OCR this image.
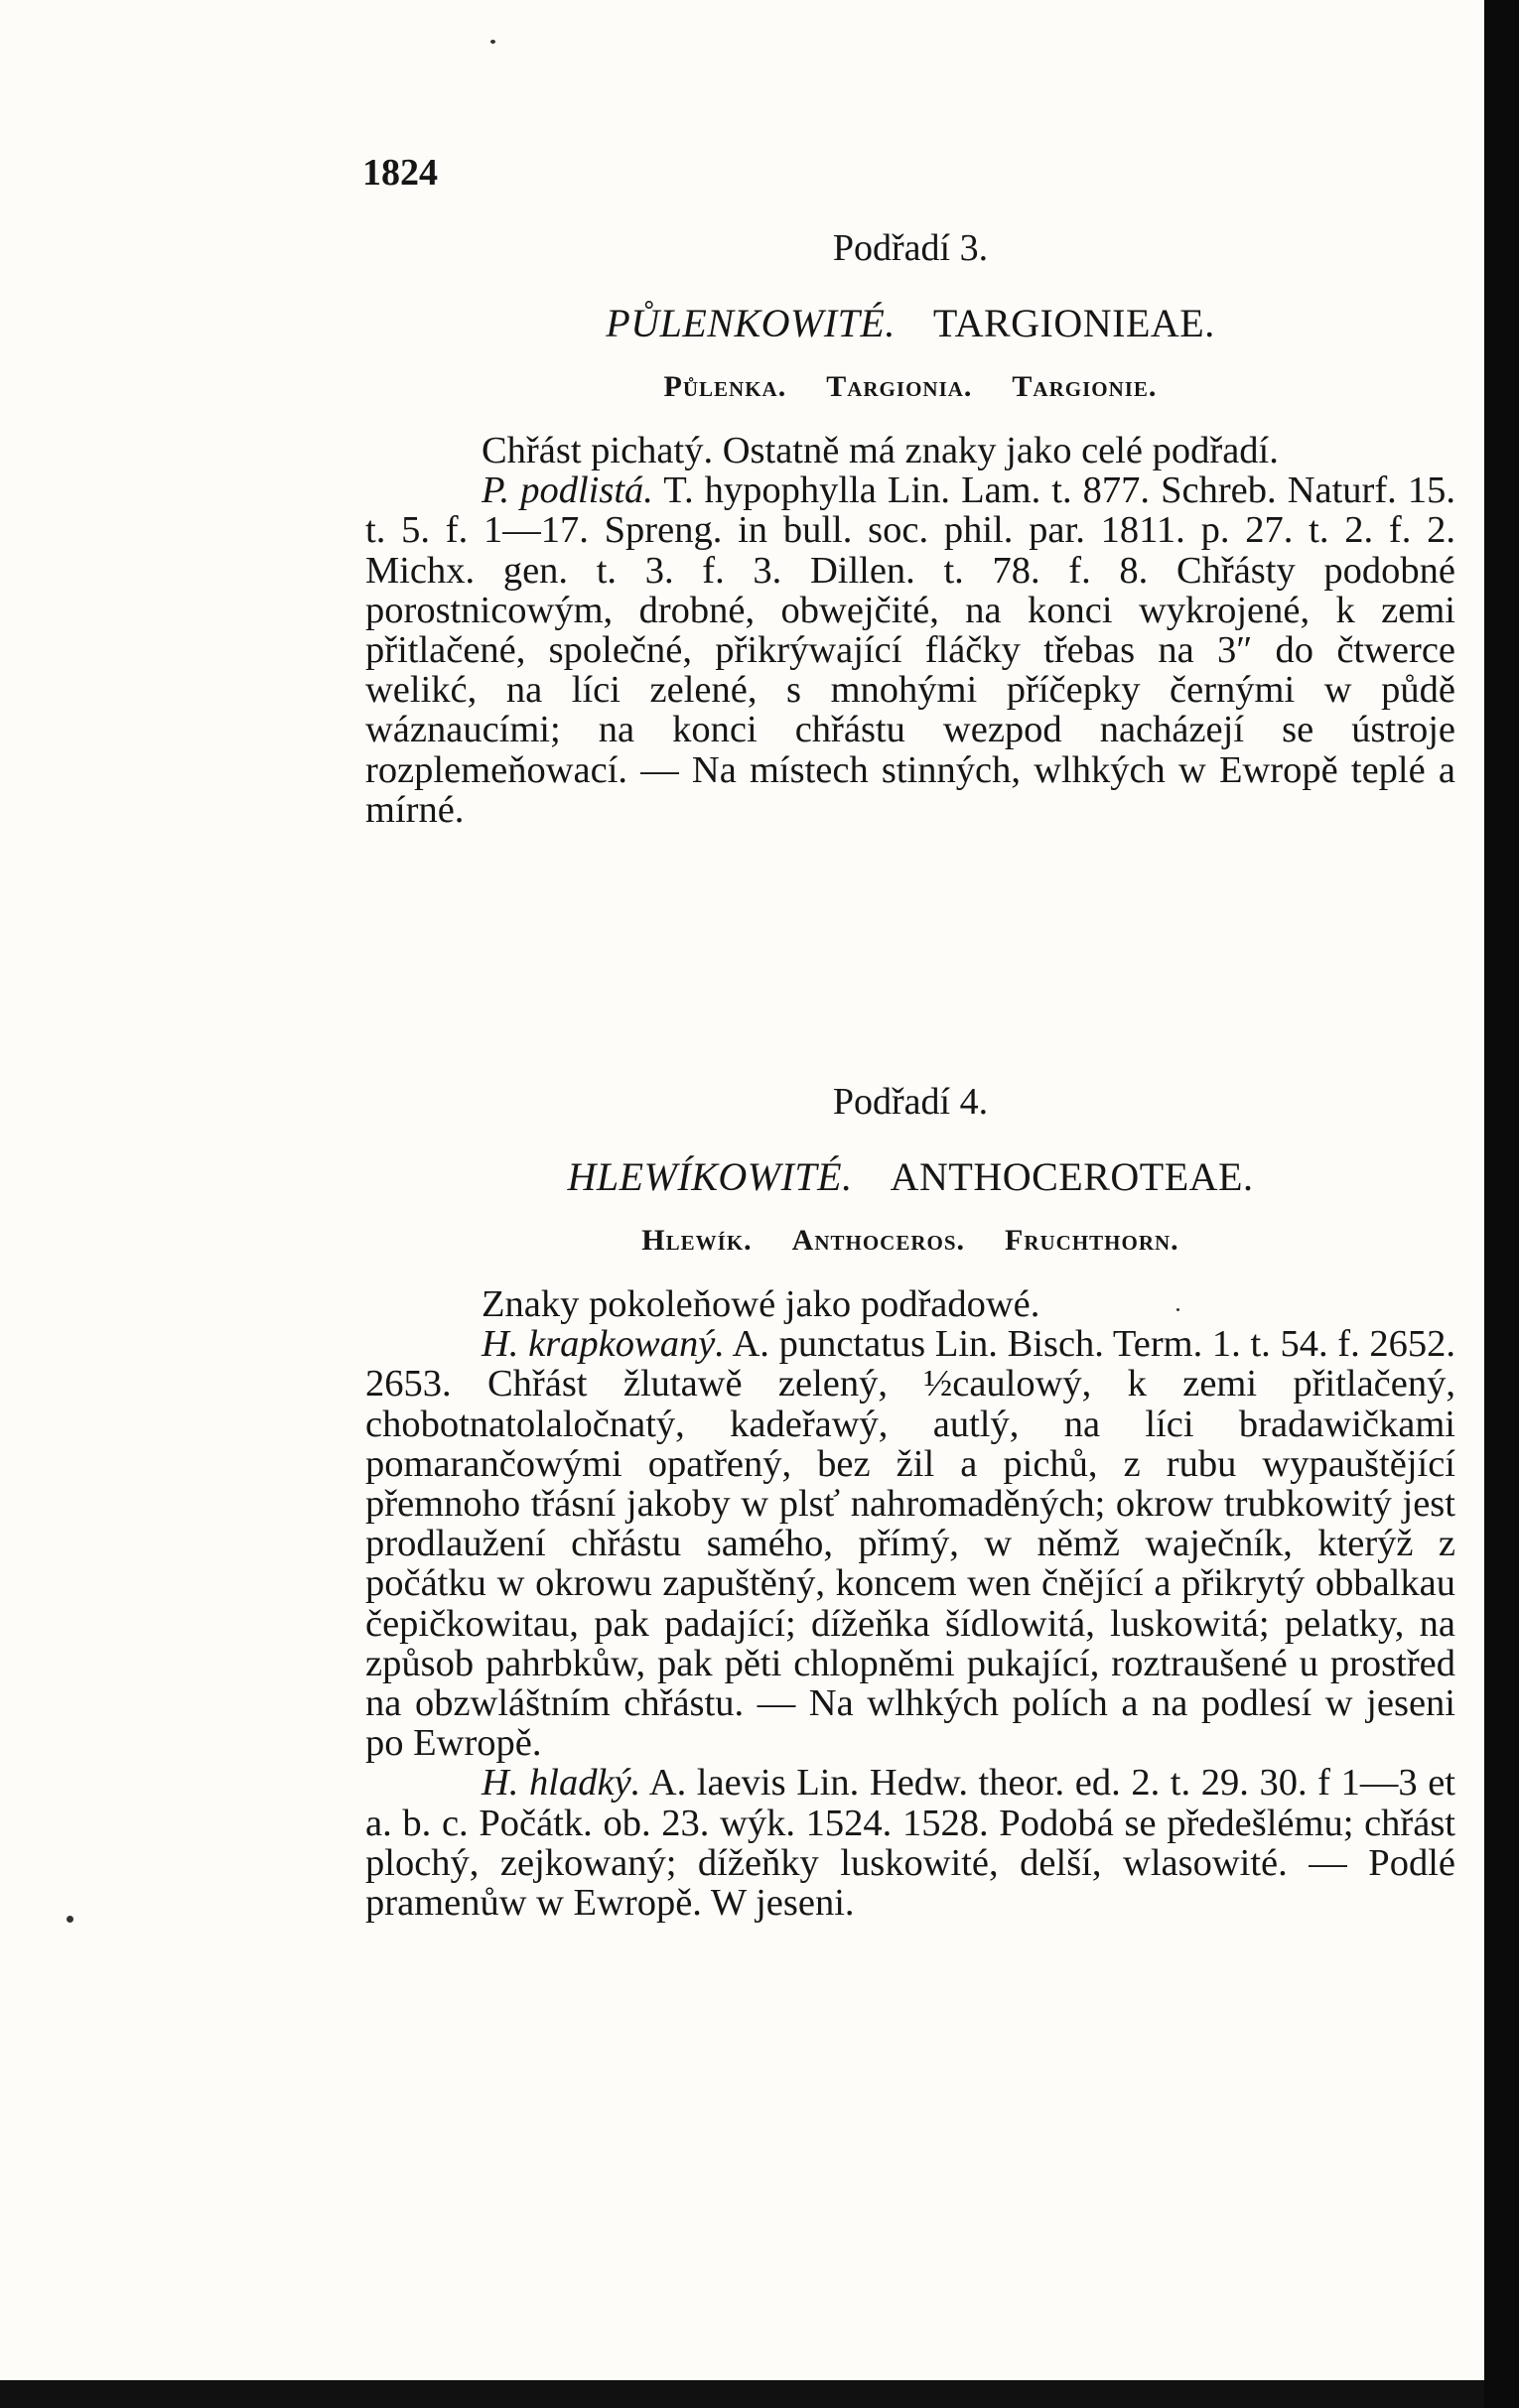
1824
Podřadí 3.
PŮLENKOWITÉ. TARGIONIEAE.
Půlenka. Targionia. Targionie.

Chřást pichatý. Ostatně má znaky jako celé podřadí.

P. podlistá. T. hypophylla Lin. Lam. t. 877. Schreb. Naturf. 15. t. 5. f. 1—17. Spreng. in bull. soc. phil. par. 1811. p. 27. t. 2. f. 2. Michx. gen. t. 3. f. 3. Dillen. t. 78. f. 8. Chřásty podobné porostnicowým, drobné, obwejčité, na konci wykrojené, k zemi přitlačené, společné, přikrýwající fláčky třebas na 3″ do čtwerce welikć, na líci zelené, s mnohými příčepky černými w půdě wáznaucími; na konci chřástu wezpod nacházejí se ústroje rozplemeňowací. — Na místech stinných, wlhkých w Ewropě teplé a mírné.

Podřadí 4.
HLEWÍKOWITÉ. ANTHOCEROTEAE.
Hlewík. Anthoceros. Fruchthorn.

Znaky pokoleňowé jako podřadowé.

H. krapkowaný. A. punctatus Lin. Bisch. Term. 1. t. 54. f. 2652. 2653. Chřást žlutawě zelený, ½caulowý, k zemi přitlačený, chobotnatolaločnatý, kadeřawý, autlý, na líci bradawičkami pomarančowými opatřený, bez žil a pichů, z rubu wypauštějící přemnoho třásní jakoby w plsť nahromaděných; okrow trubkowitý jest prodlaužení chřástu samého, přímý, w němž waječník, kterýž z počátku w okrowu zapuštěný, koncem wen čnějící a přikrytý obbalkau čepičkowitau, pak padající; dížeňka šídlowitá, luskowitá; pelatky, na způsob pahrbkůw, pak pěti chlopněmi pukající, roztraušené u prostřed na obzwláštním chřástu. — Na wlhkých polích a na podlesí w jeseni po Ewropě.

H. hladký. A. laevis Lin. Hedw. theor. ed. 2. t. 29. 30. f 1—3 et a. b. c. Počátk. ob. 23. wýk. 1524. 1528. Podobá se předešlému; chřást plochý, zejkowaný; dížeňky luskowité, delší, wlasowité. — Podlé pramenůw w Ewropě. W jeseni.
